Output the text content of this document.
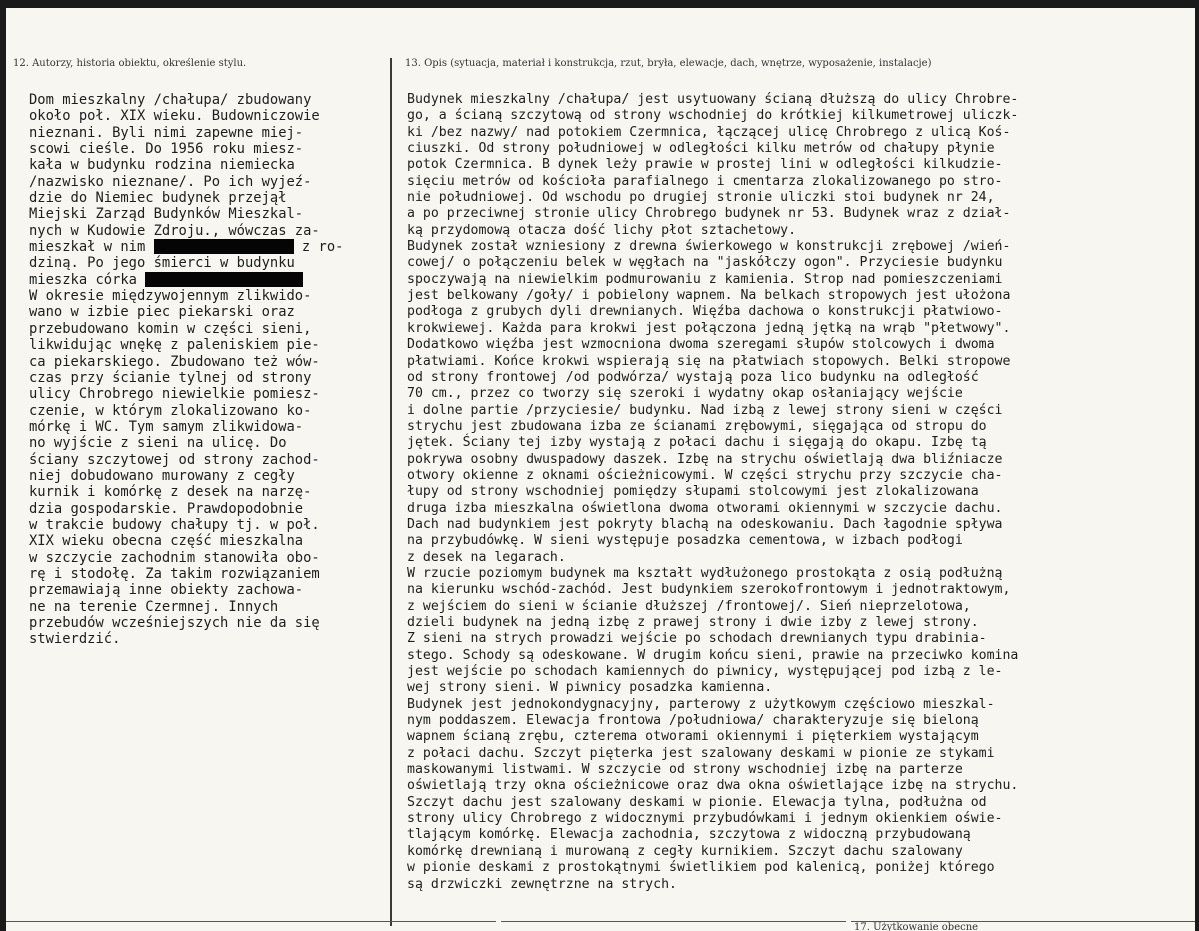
12. Autorzy, historia obiektu, określenie stylu.	13. Opis (sytuacja, materiał i konstrukcja, rzut, bryła, elewacje, dach, wnętrze, wyposażenie, instalacje)
Dom mieszkalny /chałupa/ zbudowany
około poł. XIX wieku. Budowniczowie
nieznani. Byli nimi zapewne miej-
scowi cieśle. Do 1956 roku miesz-
kała w budynku rodzina niemiecka
/nazwisko nieznane/. Po ich wyjeź-
dzie do Niemiec budynek przejął
Miejski Zarząd Budynków Mieszkal-
nych w Kudowie Zdroju., wówczas za-
mieszkał w nim	z ro-
dziną. Po jego śmierci w budynku
mieszka córka
W okresie międzywojennym zlikwido-
wano w izbie piec piekarski oraz
przebudowano komin w części sieni,
likwidując wnękę z paleniskiem pie-
ca piekarskiego. Zbudowano też wów-
czas przy ścianie tylnej od strony
ulicy Chrobrego niewielkie pomiesz-
czenie, w którym zlokalizowano ko-
mórkę i WC. Tym samym zlikwidowa-
no wyjście z sieni na ulicę. Do
ściany szczytowej od strony zachod-
niej dobudowano murowany z cegły
kurnik i komórkę z desek na narzę-
dzia gospodarskie. Prawdopodobnie
w trakcie budowy chałupy tj. w poł.
XIX wieku obecna część mieszkalna
w szczycie zachodnim stanowiła obo-
rę i stodołę. Za takim rozwiązaniem
przemawiają inne obiekty zachowa-
ne na terenie Czermnej. Innych
przebudów wcześniejszych nie da się
stwierdzić.
Budynek mieszkalny /chałupa/ jest usytuowany ścianą dłuższą do ulicy Chrobre-
go, a ścianą szczytową od strony wschodniej do krótkiej kilkumetrowej uliczk-
ki /bez nazwy/ nad potokiem Czermnica, łączącej ulicę Chrobrego z ulicą Koś-
ciuszki. Od strony południowej w odległości kilku metrów od chałupy płynie
potok Czermnica. B dynek leży prawie w prostej lini w odległości kilkudzie-
sięciu metrów od kościoła parafialnego i cmentarza zlokalizowanego po stro-
nie południowej. Od wschodu po drugiej stronie uliczki stoi budynek nr 24,
a po przeciwnej stronie ulicy Chrobrego budynek nr 53. Budynek wraz z dział-
ką przydomową otacza dość lichy płot sztachetowy.
Budynek został wzniesiony z drewna świerkowego w konstrukcji zrębowej /wień-
cowej/ o połączeniu belek w węgłach na "jaskółczy ogon". Przyciesie budynku
spoczywają na niewielkim podmurowaniu z kamienia. Strop nad pomieszczeniami
jest belkowany /goły/ i pobielony wapnem. Na belkach stropowych jest ułożona
podłoga z grubych dyli drewnianych. Więźba dachowa o konstrukcji płatwiowo-
krokwiewej. Każda para krokwi jest połączona jedną jętką na wrąb "płetwowy".
Dodatkowo więźba jest wzmocniona dwoma szeregami słupów stolcowych i dwoma
płatwiami. Końce krokwi wspierają się na płatwiach stopowych. Belki stropowe
od strony frontowej /od podwórza/ wystają poza lico budynku na odległość
70 cm., przez co tworzy się szeroki i wydatny okap osłaniający wejście
i dolne partie /przyciesie/ budynku. Nad izbą z lewej strony sieni w części
strychu jest zbudowana izba ze ścianami zrębowymi, sięgająca od stropu do
jętek. Ściany tej izby wystają z połaci dachu i sięgają do okapu. Izbę tą
pokrywa osobny dwuspadowy daszek. Izbę na strychu oświetlają dwa bliźniacze
otwory okienne z oknami ościeżnicowymi. W części strychu przy szczycie cha-
łupy od strony wschodniej pomiędzy słupami stolcowymi jest zlokalizowana
druga izba mieszkalna oświetlona dwoma otworami okiennymi w szczycie dachu.
Dach nad budynkiem jest pokryty blachą na odeskowaniu. Dach łagodnie spływa
na przybudówkę. W sieni występuje posadzka cementowa, w izbach podłogi
z desek na legarach.
W rzucie poziomym budynek ma kształt wydłużonego prostokąta z osią podłużną
na kierunku wschód-zachód. Jest budynkiem szerokofrontowym i jednotraktowym,
z wejściem do sieni w ścianie dłuższej /frontowej/. Sień nieprzelotowa,
dzieli budynek na jedną izbę z prawej strony i dwie izby z lewej strony.
Z sieni na strych prowadzi wejście po schodach drewnianych typu drabinia-
stego. Schody są odeskowane. W drugim końcu sieni, prawie na przeciwko komina
jest wejście po schodach kamiennych do piwnicy, występującej pod izbą z le-
wej strony sieni. W piwnicy posadzka kamienna.
Budynek jest jednokondygnacyjny, parterowy z użytkowym częściowo mieszkal-
nym poddaszem. Elewacja frontowa /południowa/ charakteryzuje się bieloną
wapnem ścianą zrębu, czterema otworami okiennymi i pięterkiem wystającym
z połaci dachu. Szczyt pięterka jest szalowany deskami w pionie ze stykami
maskowanymi listwami. W szczycie od strony wschodniej izbę na parterze
oświetlają trzy okna ościeżnicowe oraz dwa okna oświetlające izbę na strychu.
Szczyt dachu jest szalowany deskami w pionie. Elewacja tylna, podłużna od
strony ulicy Chrobrego z widocznymi przybudówkami i jednym okienkiem oświe-
tlającym komórkę. Elewacja zachodnia, szczytowa z widoczną przybudowaną
komórkę drewnianą i murowaną z cegły kurnikiem. Szczyt dachu szalowany
w pionie deskami z prostokątnymi świetlikiem pod kalenicą, poniżej którego
są drzwiczki zewnętrzne na strych.
17. Użytkowanie obecne
